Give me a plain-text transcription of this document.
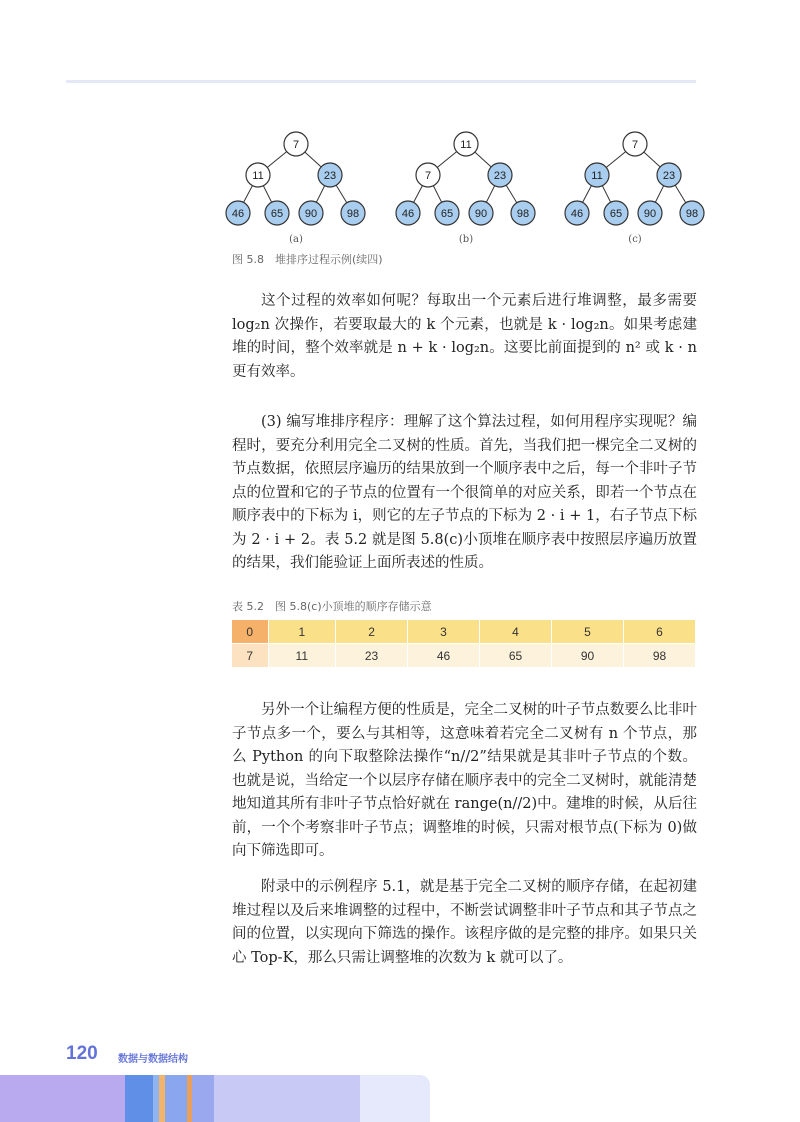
7
11	23
46 65 90	98
(a)
11
7	23
46 65 90	98
(b)
7
11	23
46 65 90	98
(c)
图 5.8　堆排序过程示例(续四)

这个过程的效率如何呢？每取出一个元素后进行堆调整，最多需要 log₂n 次操作，若要取最大的 k 个元素，也就是 k · log₂n。如果考虑建堆的时间，整个效率就是 n + k · log₂n。这要比前面提到的 n² 或 k · n 更有效率。

(3) 编写堆排序程序：理解了这个算法过程，如何用程序实现呢？编程时，要充分利用完全二叉树的性质。首先，当我们把一棵完全二叉树的节点数据，依照层序遍历的结果放到一个顺序表中之后，每一个非叶子节点的位置和它的子节点的位置有一个很简单的对应关系，即若一个节点在顺序表中的下标为 i，则它的左子节点的下标为 2 · i + 1，右子节点下标为 2 · i + 2。表 5.2 就是图 5.8(c)小顶堆在顺序表中按照层序遍历放置的结果，我们能验证上面所表述的性质。

表 5.2　图 5.8(c)小顶堆的顺序存储示意
0	1	2	3	4	5	6
7	11	23	46	65	90	98

另外一个让编程方便的性质是，完全二叉树的叶子节点数要么比非叶子节点多一个，要么与其相等，这意味着若完全二叉树有 n 个节点，那么 Python 的向下取整除法操作“n//2”结果就是其非叶子节点的个数。也就是说，当给定一个以层序存储在顺序表中的完全二叉树时，就能清楚地知道其所有非叶子节点恰好就在 range(n//2)中。建堆的时候，从后往前，一个个考察非叶子节点；调整堆的时候，只需对根节点(下标为 0)做向下筛选即可。

附录中的示例程序 5.1，就是基于完全二叉树的顺序存储，在起初建堆过程以及后来堆调整的过程中，不断尝试调整非叶子节点和其子节点之间的位置，以实现向下筛选的操作。该程序做的是完整的排序。如果只关心 Top-K，那么只需让调整堆的次数为 k 就可以了。

120 数据与数据结构
